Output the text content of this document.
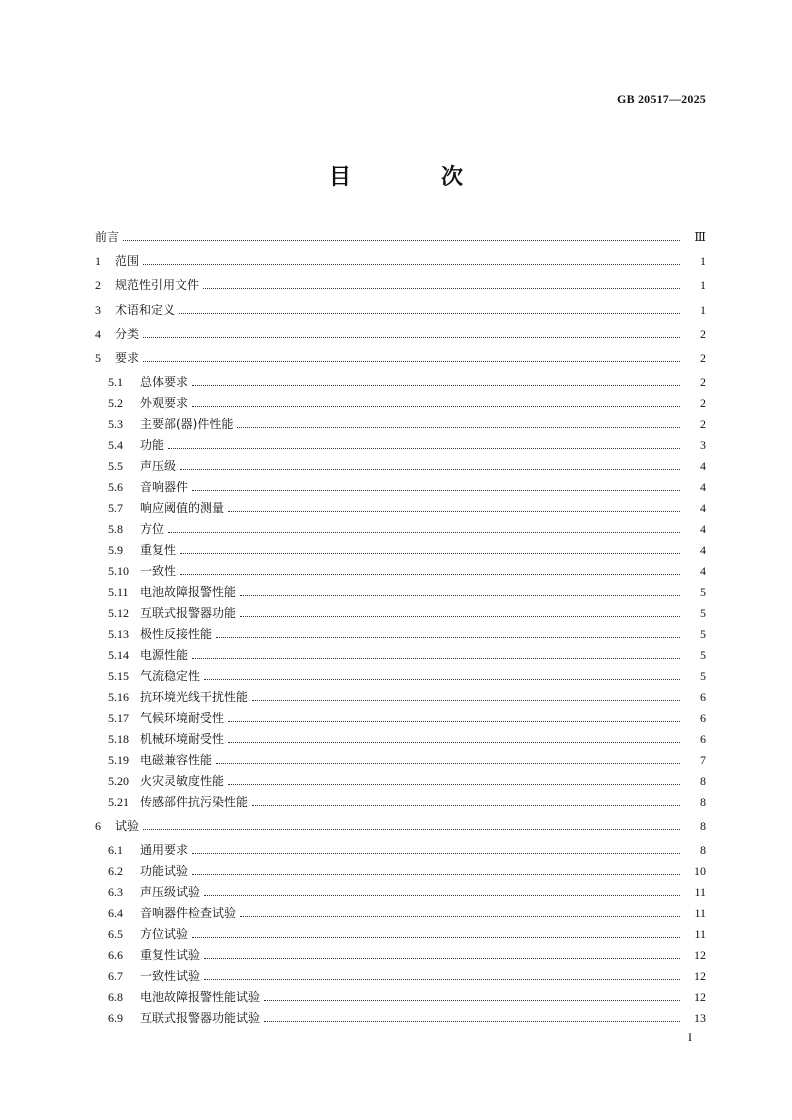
GB 20517—2025
目　次
前言	Ⅲ
1	范围	1
2	规范性引用文件	1
3	术语和定义	1
4	分类	2
5	要求	2
5.1	总体要求	2
5.2	外观要求	2
5.3	主要部(器)件性能	2
5.4	功能	3
5.5	声压级	4
5.6	音响器件	4
5.7	响应阈值的测量	4
5.8	方位	4
5.9	重复性	4
5.10 一致性	4
5.11 电池故障报警性能	5
5.12 互联式报警器功能	5
5.13 极性反接性能	5
5.14 电源性能	5
5.15 气流稳定性	5
5.16 抗环境光线干扰性能	6
5.17 气候环境耐受性	6
5.18 机械环境耐受性	6
5.19 电磁兼容性能	7
5.20 火灾灵敏度性能	8
5.21 传感部件抗污染性能	8
6	试验	8
6.1	通用要求	8
6.2	功能试验	10
6.3	声压级试验	11
6.4	音响器件检查试验	11
6.5	方位试验	11
6.6	重复性试验	12
6.7	一致性试验	12
6.8	电池故障报警性能试验	12
6.9	互联式报警器功能试验	13
I
